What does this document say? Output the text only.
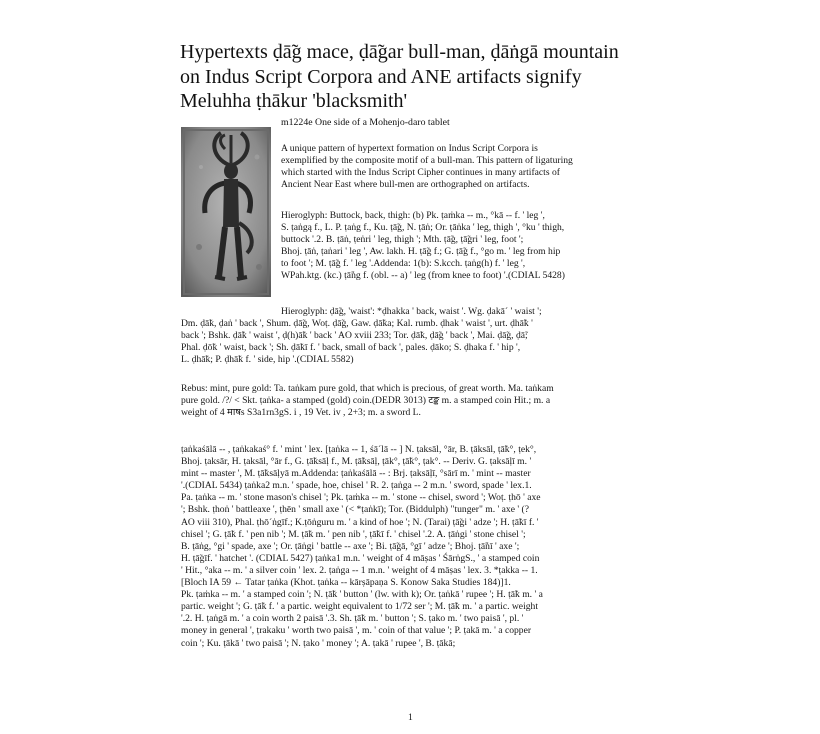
Hypertexts ḍā̃g mace, ḍā̃gar bull-man, ḍāṅgā mountain
on Indus Script Corpora and ANE artifacts signify
Meluhha ṭhākur 'blacksmith'
m1224e One side of a Mohenjo-daro tablet
A unique pattern of hypertext formation on Indus Script Corpora is
exemplified by the composite motif of a bull-man. This pattern of ligaturing
which started with the Indus Script Cipher continues in many artifacts of
Ancient Near East where bull-men are orthographed on artifacts.
Hieroglyph: Buttock, back, thigh: (b) Pk. ṭaṁka -- m., °kā -- f. ' leg ',
S. ṭaṅgą f., L. P. ṭaṅg f., Ku. ṭā̃g, N. ṭāṅ; Or. ṭāṅka ' leg, thigh ', °ku ' thigh,
buttock '.2. B. ṭāṅ, ṭeṅri ' leg, thigh '; Mth. ṭā̃g, ṭā̃gri ' leg, foot ';
Bhoj. ṭāṅ, ṭaṅari ' leg ', Aw. lakh. H. ṭā̃g f.; G. ṭā̃g f., °go m. ' leg from hip
to foot '; M. ṭā̃g f. ' leg '.Addenda: 1(b): S.kcch. ṭaṅg(h) f. ' leg ',
WPah.ktg. (kc.) ṭā̃ṅg f. (obl. -- a) ' leg (from knee to foot) '.(CDIAL 5428)
Hieroglyph: ḍā̃g, 'waist': *ḍhakka ' back, waist '. Wg. ḍakā´ ' waist ';
Dm. ḍā̃k, ḍaṅ ' back ', Shum. ḍā̃g, Woṭ. ḍā̃g, Gaw. ḍā̃ka; Kal. rumb. ḍhak ' waist ', urt. ḍhā̃k '
back '; Bshk. ḍā̃k ' waist ', ḍ(h)ā̃k ' back ' AO xviii 233; Tor. ḍā̃k, ḍā̃g ' back ', Mai. ḍā̃g, ḍā̃;
Phal. ḍō̃k ' waist, back '; Sh. ḍā̃kī f. ' back, small of back ', pales. ḍāko; S. ḍhaka f. ' hip ',
L. ḍhā̃k; P. ḍhā̃k f. ' side, hip '.(CDIAL 5582)
Rebus: mint, pure gold: Ta. taṅkam pure gold, that which is precious, of great worth. Ma. taṅkam
pure gold. /?/ < Skt. ṭaṅka- a stamped (gold) coin.(DEDR 3013) टङ्क m. a stamped coin Hit.; m. a
weight of 4 माषs S3a1rn3gS. i , 19 Vet. iv , 2+3; m. a sword L.
ṭaṅkaśālā -- , ṭaṅkakaś° f. ' mint ' lex. [ṭaṅka -- 1, śā´lā -- ] N. ṭaksāl, °ār, B. ṭāksāl, ṭā̃k°, ṭek°,
Bhoj. ṭaksār, H. ṭaksāl, °ār f., G. ṭā̃ksāḷ f., M. ṭā̃ksāḷ, ṭāk°, ṭā̃k°, ṭak°. -- Deriv. G. ṭaksāḷī m. '
mint -- master ', M. ṭā̃ksāḷyā m.Addenda: ṭaṅkaśālā -- : Brj. ṭaksāḷī, °sārī m. ' mint -- master
'.(CDIAL 5434) ṭaṅka2 m.n. ' spade, hoe, chisel ' R. 2. ṭaṅga -- 2 m.n. ' sword, spade ' lex.1.
Pa. ṭaṅka -- m. ' stone mason's chisel '; Pk. ṭaṁka -- m. ' stone -- chisel, sword '; Woṭ. ṭhō ' axe
'; Bshk. ṭhoṅ ' battleaxe ', ṭhēn ' small axe ' (< *ṭaṅkī); Tor. (Biddulph) "tunger" m. ' axe ' (?
AO viii 310), Phal. ṭhō´ṅgīf.; K.ṭōṅguru m. ' a kind of hoe '; N. (Tarai) ṭā̃gi ' adze '; H. ṭā̃kī f. '
chisel '; G. ṭā̃k f. ' pen nib '; M. ṭā̃k m. ' pen nib ', ṭā̃kī f. ' chisel '.2. A. ṭāṅgi ' stone chisel ';
B. ṭāṅg, °gi ' spade, axe '; Or. ṭāṅgi ' battle -- axe '; Bi. ṭā̃gā, °gī ' adze '; Bhoj. ṭā̃ṅī ' axe ';
H. ṭā̃gīf. ' hatchet '. (CDIAL 5427) ṭaṅka1 m.n. ' weight of 4 māṣas ' ŚārṅgS., ' a stamped coin
' Hit., °aka -- m. ' a silver coin ' lex. 2. ṭaṅga -- 1 m.n. ' weight of 4 māṣas ' lex. 3. *ṭakka -- 1.
[Bloch IA 59 ← Tatar ṭaṅka (Khot. ṭaṅka -- kārṣāpaṇa S. Konow Saka Studies 184)]1.
Pk. ṭaṁka -- m. ' a stamped coin '; N. ṭā̃k ' button ' (lw. with k); Or. ṭaṅkā ' rupee '; H. ṭā̃k m. ' a
partic. weight '; G. ṭā̃k f. ' a partic. weight equivalent to 1/72 ser '; M. ṭā̃k m. ' a partic. weight
'.2. H. ṭaṅgā m. ' a coin worth 2 paisā '.3. Sh. ṭā̃k m. ' button '; S. ṭako m. ' two paisā ', pl. '
money in general ', ṭrakaku ' worth two paisā ', m. ' coin of that value '; P. ṭakā m. ' a copper
coin '; Ku. ṭākā ' two paisā '; N. ṭako ' money '; A. ṭakā ' rupee ', B. ṭākā;
1
